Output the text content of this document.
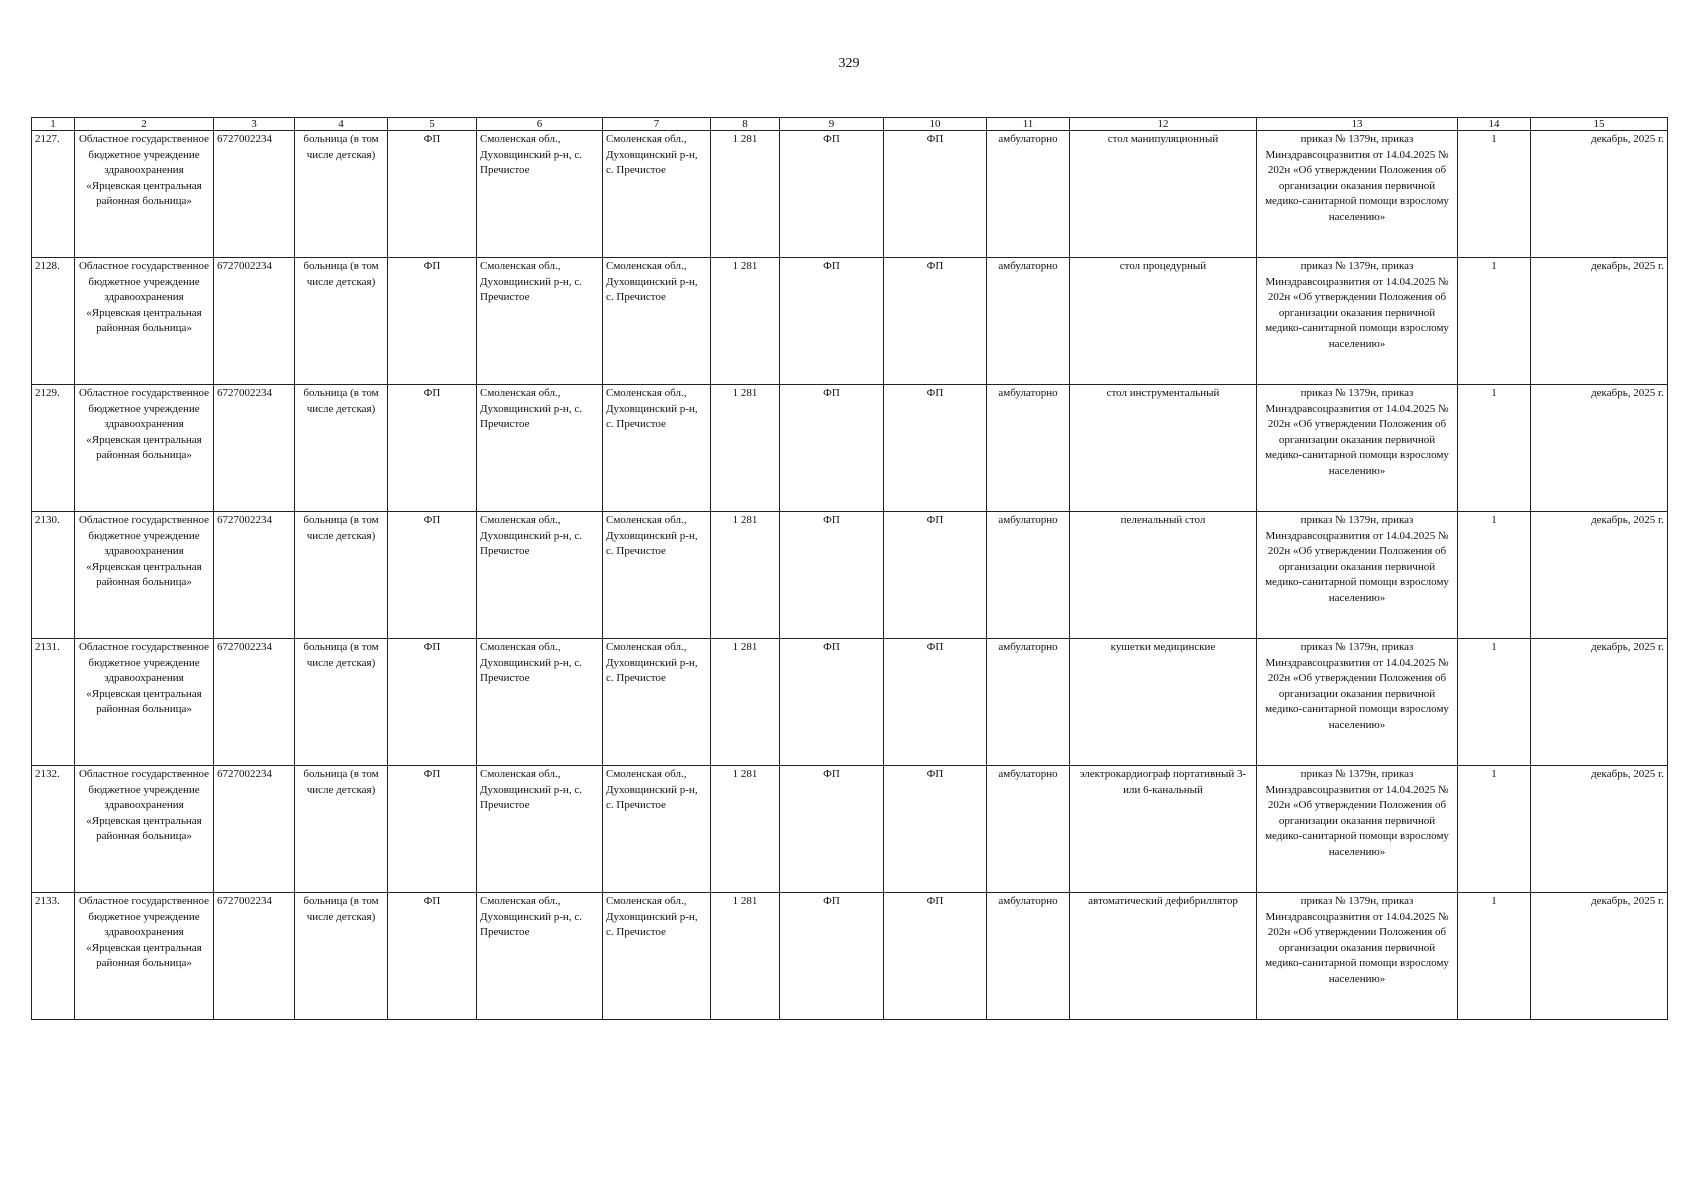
329
1	2	3	4	5	6	7	8	9	10	11	12	13	14	15
2127.	Областное государственное бюджетное учреждение здравоохранения «Ярцевская центральная районная больница»	6727002234	больница (в том числе детская)	ФП	Смоленская обл., Духовщинский р-н, с. Пречистое	Смоленская обл., Духовщинский р-н, с. Пречистое	1 281	ФП	ФП	амбулаторно	стол манипуляционный	приказ № 1379н, приказ Минздравсоцразвития от 14.04.2025 № 202н «Об утверждении Положения об организации оказания первичной медико-санитарной помощи взрослому населению»	1	декабрь, 2025 г.
2128.	Областное государственное бюджетное учреждение здравоохранения «Ярцевская центральная районная больница»	6727002234	больница (в том числе детская)	ФП	Смоленская обл., Духовщинский р-н, с. Пречистое	Смоленская обл., Духовщинский р-н, с. Пречистое	1 281	ФП	ФП	амбулаторно	стол процедурный	приказ № 1379н, приказ Минздравсоцразвития от 14.04.2025 № 202н «Об утверждении Положения об организации оказания первичной медико-санитарной помощи взрослому населению»	1	декабрь, 2025 г.
2129.	Областное государственное бюджетное учреждение здравоохранения «Ярцевская центральная районная больница»	6727002234	больница (в том числе детская)	ФП	Смоленская обл., Духовщинский р-н, с. Пречистое	Смоленская обл., Духовщинский р-н, с. Пречистое	1 281	ФП	ФП	амбулаторно	стол инструментальный	приказ № 1379н, приказ Минздравсоцразвития от 14.04.2025 № 202н «Об утверждении Положения об организации оказания первичной медико-санитарной помощи взрослому населению»	1	декабрь, 2025 г.
2130.	Областное государственное бюджетное учреждение здравоохранения «Ярцевская центральная районная больница»	6727002234	больница (в том числе детская)	ФП	Смоленская обл., Духовщинский р-н, с. Пречистое	Смоленская обл., Духовщинский р-н, с. Пречистое	1 281	ФП	ФП	амбулаторно	пеленальный стол	приказ № 1379н, приказ Минздравсоцразвития от 14.04.2025 № 202н «Об утверждении Положения об организации оказания первичной медико-санитарной помощи взрослому населению»	1	декабрь, 2025 г.
2131.	Областное государственное бюджетное учреждение здравоохранения «Ярцевская центральная районная больница»	6727002234	больница (в том числе детская)	ФП	Смоленская обл., Духовщинский р-н, с. Пречистое	Смоленская обл., Духовщинский р-н, с. Пречистое	1 281	ФП	ФП	амбулаторно	кушетки медицинские	приказ № 1379н, приказ Минздравсоцразвития от 14.04.2025 № 202н «Об утверждении Положения об организации оказания первичной медико-санитарной помощи взрослому населению»	1	декабрь, 2025 г.
2132.	Областное государственное бюджетное учреждение здравоохранения «Ярцевская центральная районная больница»	6727002234	больница (в том числе детская)	ФП	Смоленская обл., Духовщинский р-н, с. Пречистое	Смоленская обл., Духовщинский р-н, с. Пречистое	1 281	ФП	ФП	амбулаторно	электрокардиограф портативный 3-или 6-канальный	приказ № 1379н, приказ Минздравсоцразвития от 14.04.2025 № 202н «Об утверждении Положения об организации оказания первичной медико-санитарной помощи взрослому населению»	1	декабрь, 2025 г.
2133.	Областное государственное бюджетное учреждение здравоохранения «Ярцевская центральная районная больница»	6727002234	больница (в том числе детская)	ФП	Смоленская обл., Духовщинский р-н, с. Пречистое	Смоленская обл., Духовщинский р-н, с. Пречистое	1 281	ФП	ФП	амбулаторно	автоматический дефибриллятор	приказ № 1379н, приказ Минздравсоцразвития от 14.04.2025 № 202н «Об утверждении Положения об организации оказания первичной медико-санитарной помощи взрослому населению»	1	декабрь, 2025 г.
